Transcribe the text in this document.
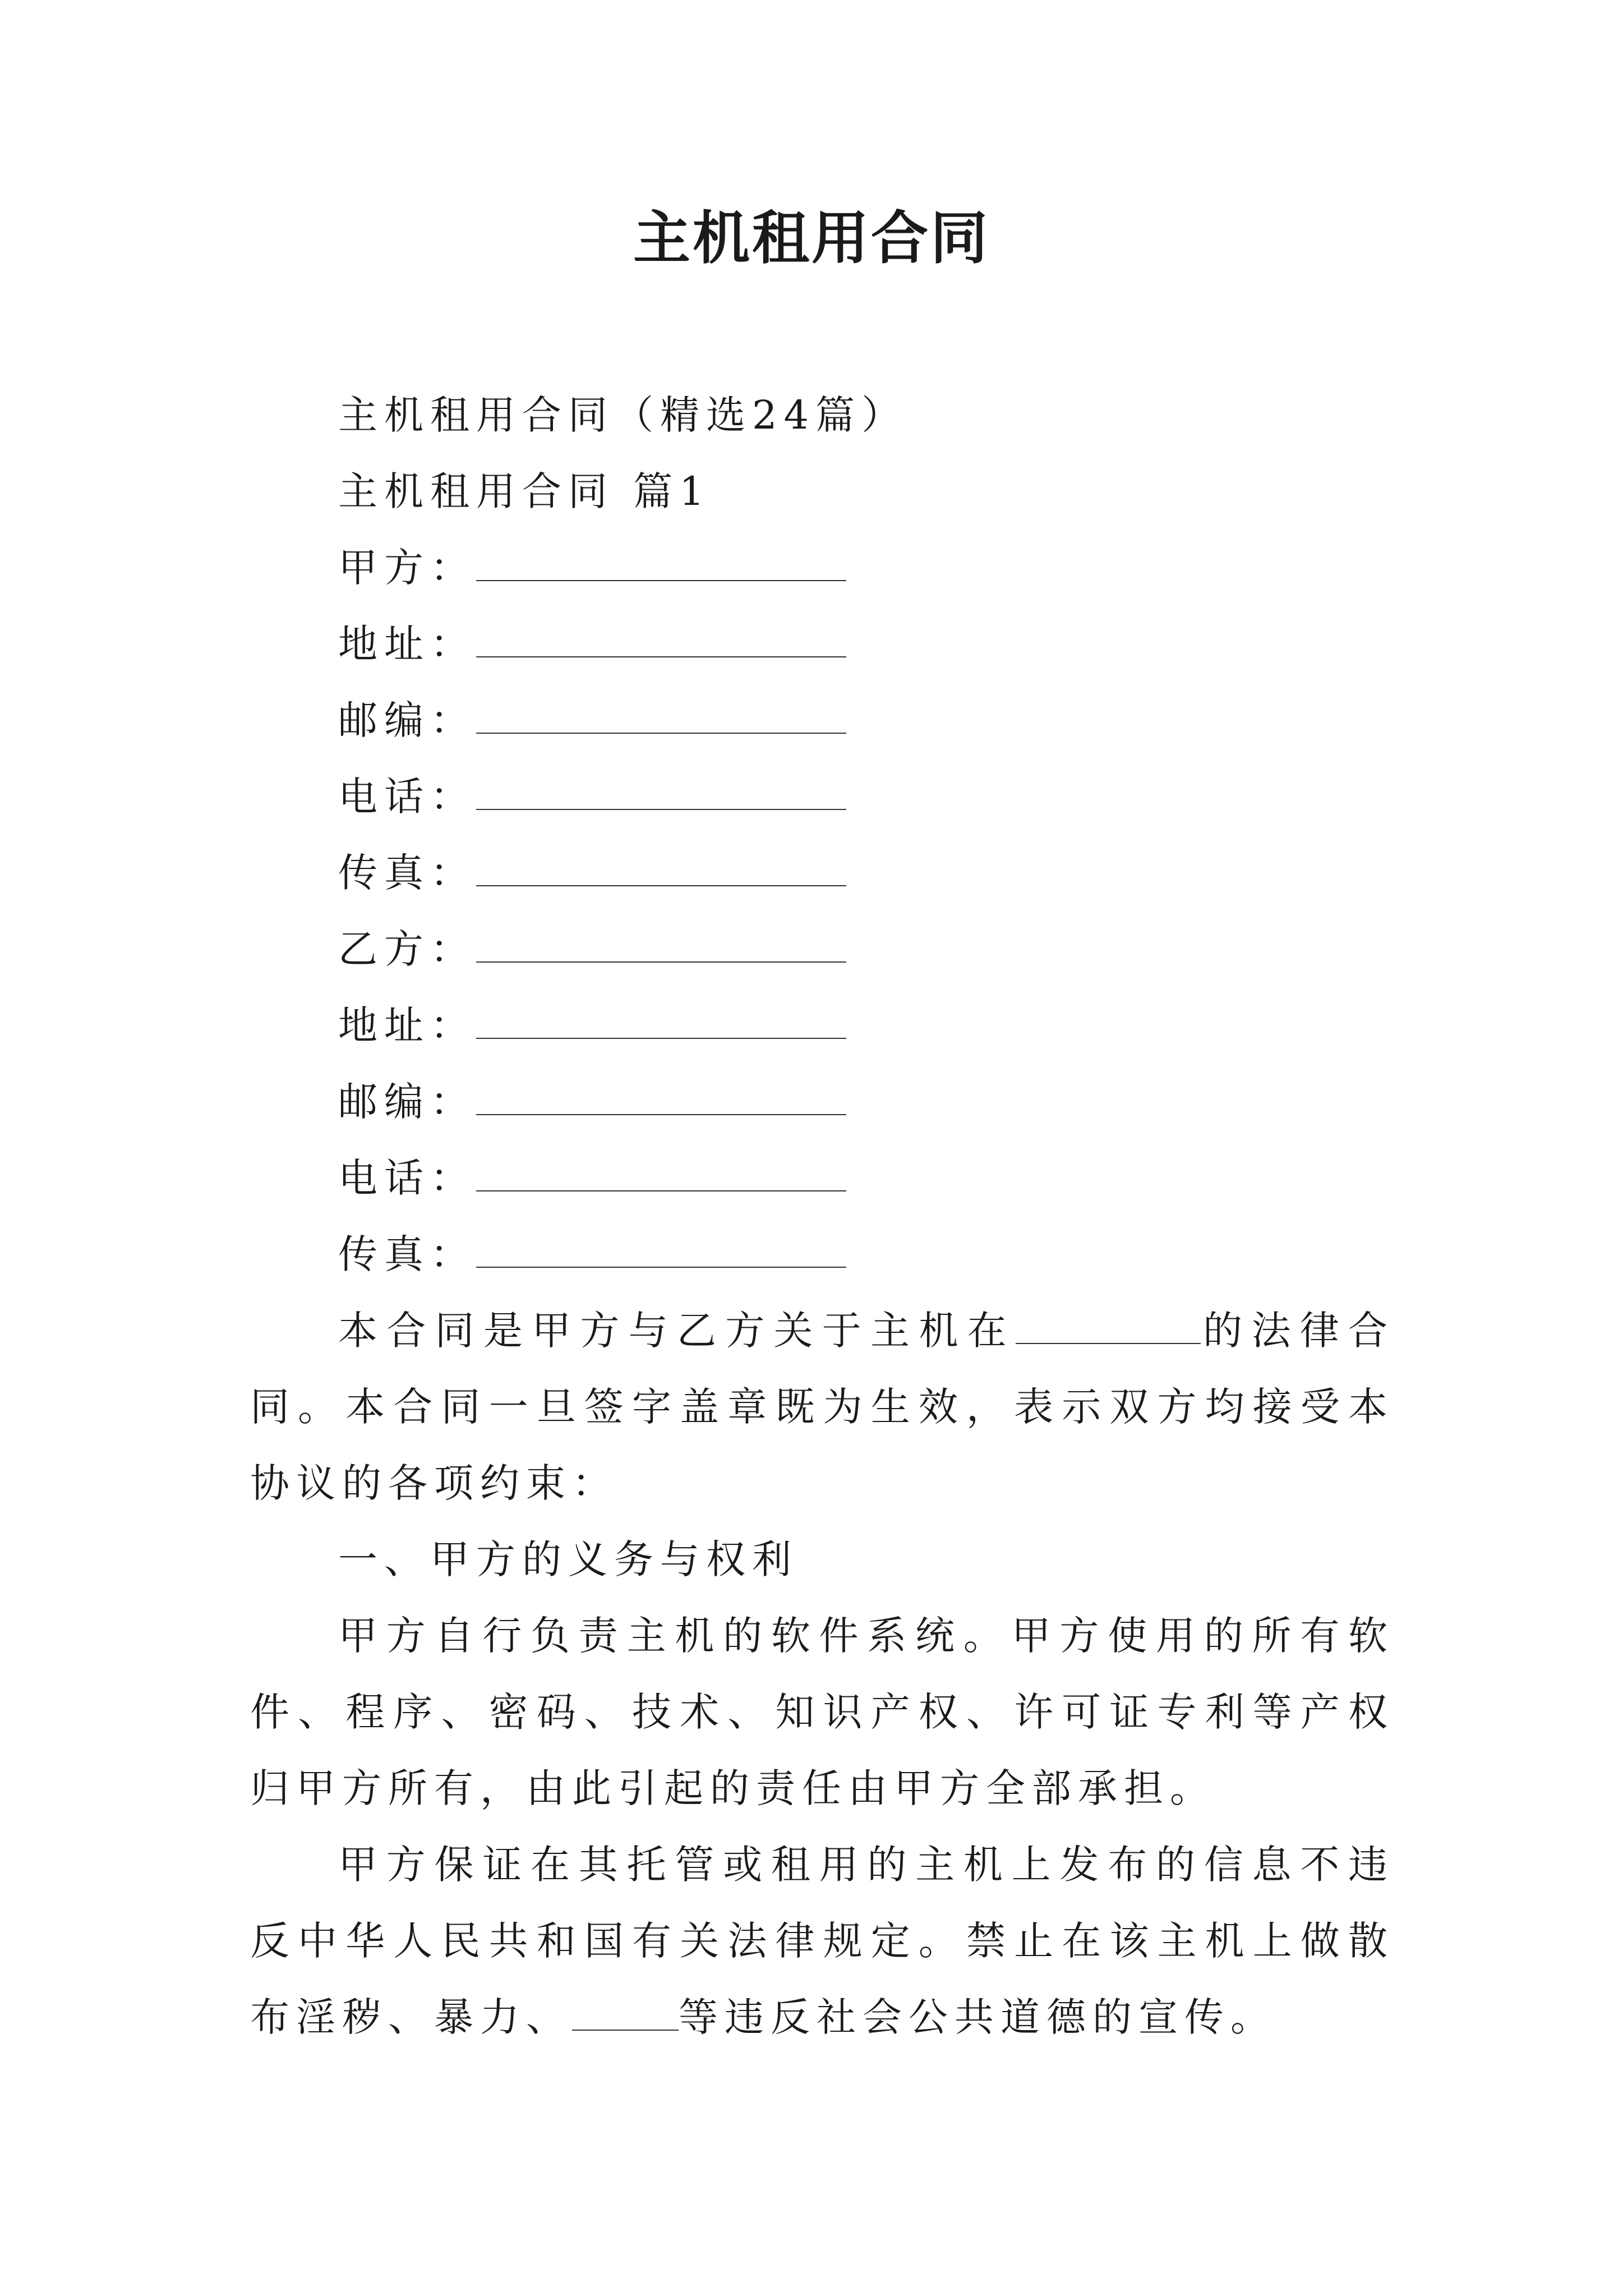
主机租用合同
主机租用合同（精选24篇）
主机租用合同 篇1
甲方：
地址：
邮编：
电话：
传真：
乙方：
地址：
邮编：
电话：
传真：

本合同是甲方与乙方关于主机在	的法律合同。本合同一旦签字盖章既为生效，表示双方均接受本协议的各项约束：

一、甲方的义务与权利

甲方自行负责主机的软件系统。甲方使用的所有软件、程序、密码、技术、知识产权、许可证专利等产权归甲方所有，由此引起的责任由甲方全部承担。

甲方保证在其托管或租用的主机上发布的信息不违反中华人民共和国有关法律规定。禁止在该主机上做散布淫秽、暴力、	等违反社会公共道德的宣传。
